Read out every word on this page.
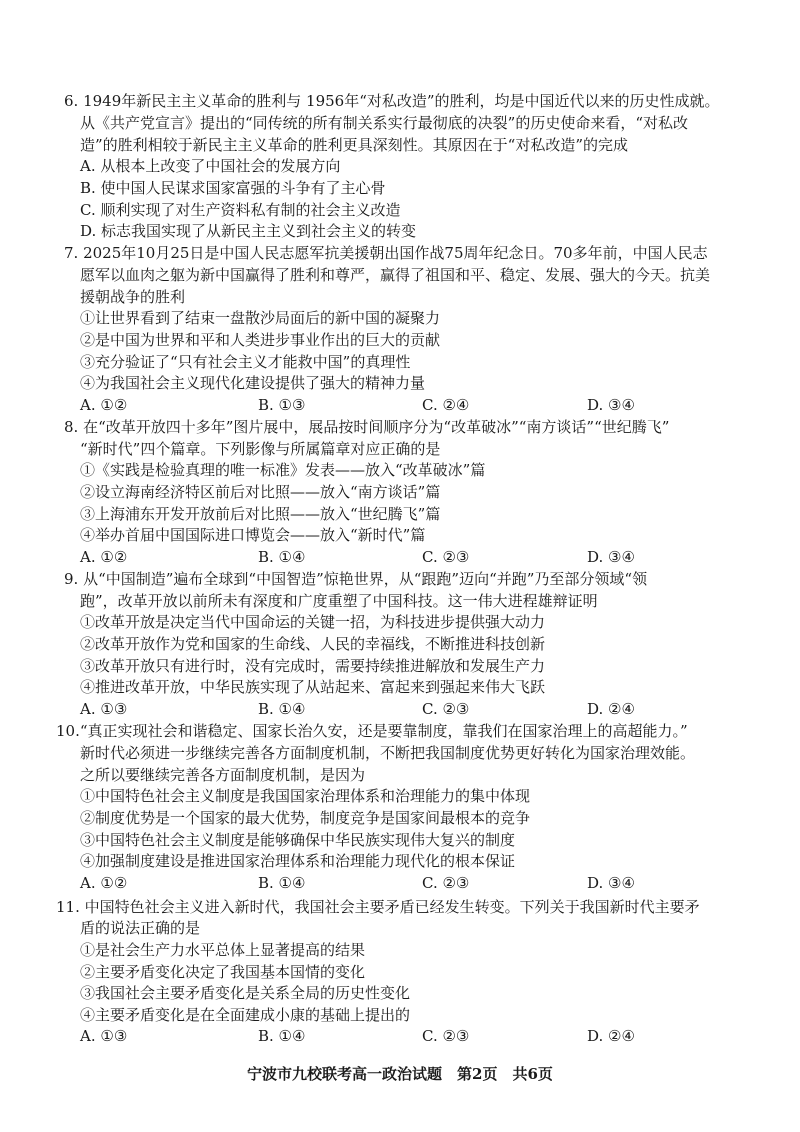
6. 1949年新民主主义革命的胜利与 1956年“对私改造”的胜利，均是中国近代以来的历史性成就。
从《共产党宣言》提出的“同传统的所有制关系实行最彻底的决裂”的历史使命来看，“对私改
造”的胜利相较于新民主主义革命的胜利更具深刻性。其原因在于“对私改造”的完成
A. 从根本上改变了中国社会的发展方向
B. 使中国人民谋求国家富强的斗争有了主心骨
C. 顺利实现了对生产资料私有制的社会主义改造
D. 标志我国实现了从新民主主义到社会主义的转变
7. 2025年10月25日是中国人民志愿军抗美援朝出国作战75周年纪念日。70多年前，中国人民志
愿军以血肉之躯为新中国赢得了胜利和尊严，赢得了祖国和平、稳定、发展、强大的今天。抗美
援朝战争的胜利
①让世界看到了结束一盘散沙局面后的新中国的凝聚力
②是中国为世界和平和人类进步事业作出的巨大的贡献
③充分验证了“只有社会主义才能救中国”的真理性
④为我国社会主义现代化建设提供了强大的精神力量
A. ①②	B. ①③	C. ②④	D. ③④
8. 在“改革开放四十多年”图片展中，展品按时间顺序分为“改革破冰”“南方谈话”“世纪腾飞”
“新时代”四个篇章。下列影像与所属篇章对应正确的是
①《实践是检验真理的唯一标准》发表——放入“改革破冰”篇
②设立海南经济特区前后对比照——放入“南方谈话”篇
③上海浦东开发开放前后对比照——放入“世纪腾飞”篇
④举办首届中国国际进口博览会——放入“新时代”篇
A. ①②	B. ①④	C. ②③	D. ③④
9. 从“中国制造”遍布全球到“中国智造”惊艳世界，从“跟跑”迈向“并跑”乃至部分领域“领
跑”，改革开放以前所未有深度和广度重塑了中国科技。这一伟大进程雄辩证明
①改革开放是决定当代中国命运的关键一招，为科技进步提供强大动力
②改革开放作为党和国家的生命线、人民的幸福线，不断推进科技创新
③改革开放只有进行时，没有完成时，需要持续推进解放和发展生产力
④推进改革开放，中华民族实现了从站起来、富起来到强起来伟大飞跃
A. ①③	B. ①④	C. ②③	D. ②④
10.“真正实现社会和谐稳定、国家长治久安，还是要靠制度，靠我们在国家治理上的高超能力。”
新时代必须进一步继续完善各方面制度机制，不断把我国制度优势更好转化为国家治理效能。
之所以要继续完善各方面制度机制，是因为
①中国特色社会主义制度是我国国家治理体系和治理能力的集中体现
②制度优势是一个国家的最大优势，制度竞争是国家间最根本的竞争
③中国特色社会主义制度是能够确保中华民族实现伟大复兴的制度
④加强制度建设是推进国家治理体系和治理能力现代化的根本保证
A. ①②	B. ①④	C. ②③	D. ③④
11. 中国特色社会主义进入新时代，我国社会主要矛盾已经发生转变。下列关于我国新时代主要矛
盾的说法正确的是
①是社会生产力水平总体上显著提高的结果
②主要矛盾变化决定了我国基本国情的变化
③我国社会主要矛盾变化是关系全局的历史性变化
④主要矛盾变化是在全面建成小康的基础上提出的
A. ①③	B. ①④	C. ②③	D. ②④
宁波市九校联考高一政治试题　第2页　共6页
